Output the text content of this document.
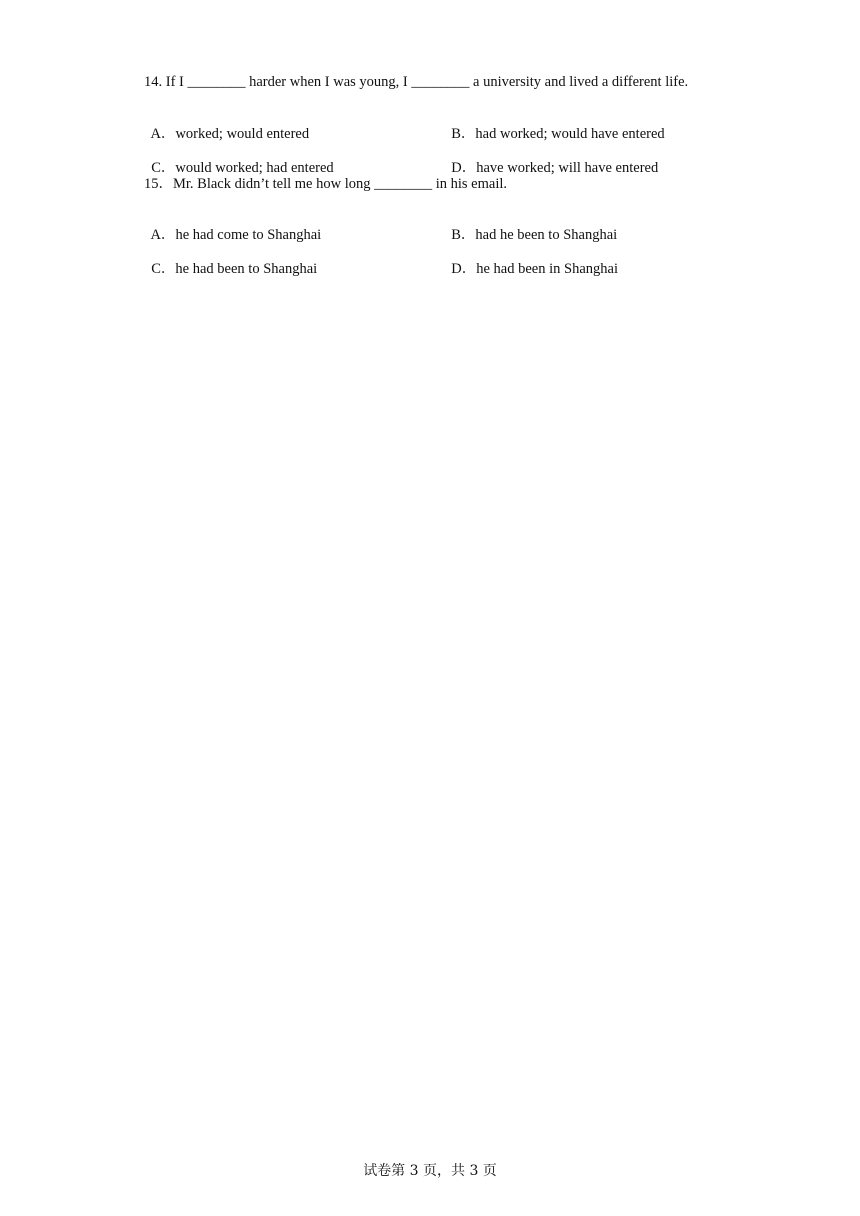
14. If I ________ harder when I was young, I ________ a university and lived a different life.

A．worked; would entered	B．had worked; would have entered

C．would worked; had entered	D．have worked; will have entered

15．Mr. Black didn’t tell me how long ________ in his email.

A．he had come to Shanghai	B．had he been to Shanghai

C．he had been to Shanghai	D．he had been in Shanghai

试卷第 3 页，共 3 页
